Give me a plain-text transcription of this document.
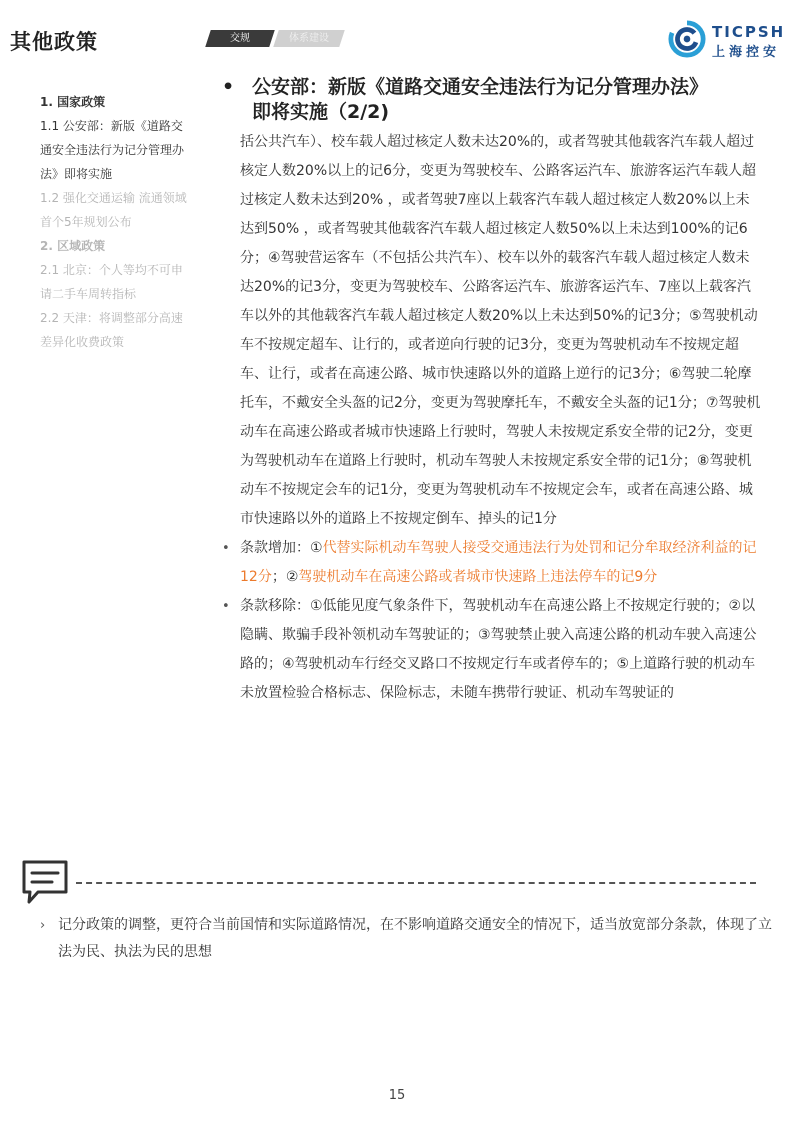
其他政策	交规	体系建设	TICPSH
上海控安
1. 国家政策
1.1 公安部：新版《道路交
通安全违法行为记分管理办
法》即将实施
1.2 强化交通运输 流通领域
首个5年规划公布
2. 区域政策
2.1 北京：个人等均不可申
请二手车周转指标
2.2 天津：将调整部分高速
差异化收费政策
• 公安部：新版《道路交通安全违法行为记分管理办法》
即将实施（2/2)
括公共汽车）、校车载人超过核定人数未达20%的，或者驾驶其他载客汽车载人超过核定人数20%以上的记6分，变更为驾驶校车、公路客运汽车、旅游客运汽车载人超过核定人数未达到20% ，或者驾驶7座以上载客汽车载人超过核定人数20%以上未达到50% ，或者驾驶其他载客汽车载人超过核定人数50%以上未达到100%的记6分；④驾驶营运客车（不包括公共汽车）、校车以外的载客汽车载人超过核定人数未达20%的记3分，变更为驾驶校车、公路客运汽车、旅游客运汽车、7座以上载客汽车以外的其他载客汽车载人超过核定人数20%以上未达到50%的记3分；⑤驾驶机动车不按规定超车、让行的，或者逆向行驶的记3分，变更为驾驶机动车不按规定超车、让行，或者在高速公路、城市快速路以外的道路上逆行的记3分；⑥驾驶二轮摩托车，不戴安全头盔的记2分，变更为驾驶摩托车，不戴安全头盔的记1分；⑦驾驶机动车在高速公路或者城市快速路上行驶时，驾驶人未按规定系安全带的记2分，变更为驾驶机动车在道路上行驶时，机动车驾驶人未按规定系安全带的记1分；⑧驾驶机动车不按规定会车的记1分，变更为驾驶机动车不按规定会车，或者在高速公路、城市快速路以外的道路上不按规定倒车、掉头的记1分
• 条款增加：①代替实际机动车驾驶人接受交通违法行为处罚和记分牟取经济利益的记12分；②驾驶机动车在高速公路或者城市快速路上违法停车的记9分
• 条款移除：①低能见度气象条件下，驾驶机动车在高速公路上不按规定行驶的；②以隐瞒、欺骗手段补领机动车驾驶证的；③驾驶禁止驶入高速公路的机动车驶入高速公路的；④驾驶机动车行经交叉路口不按规定行车或者停车的；⑤上道路行驶的机动车未放置检验合格标志、保险标志，未随车携带行驶证、机动车驾驶证的
› 记分政策的调整，更符合当前国情和实际道路情况，在不影响道路交通安全的情况下，适当放宽部分条款，体现了立法为民、执法为民的思想
15
